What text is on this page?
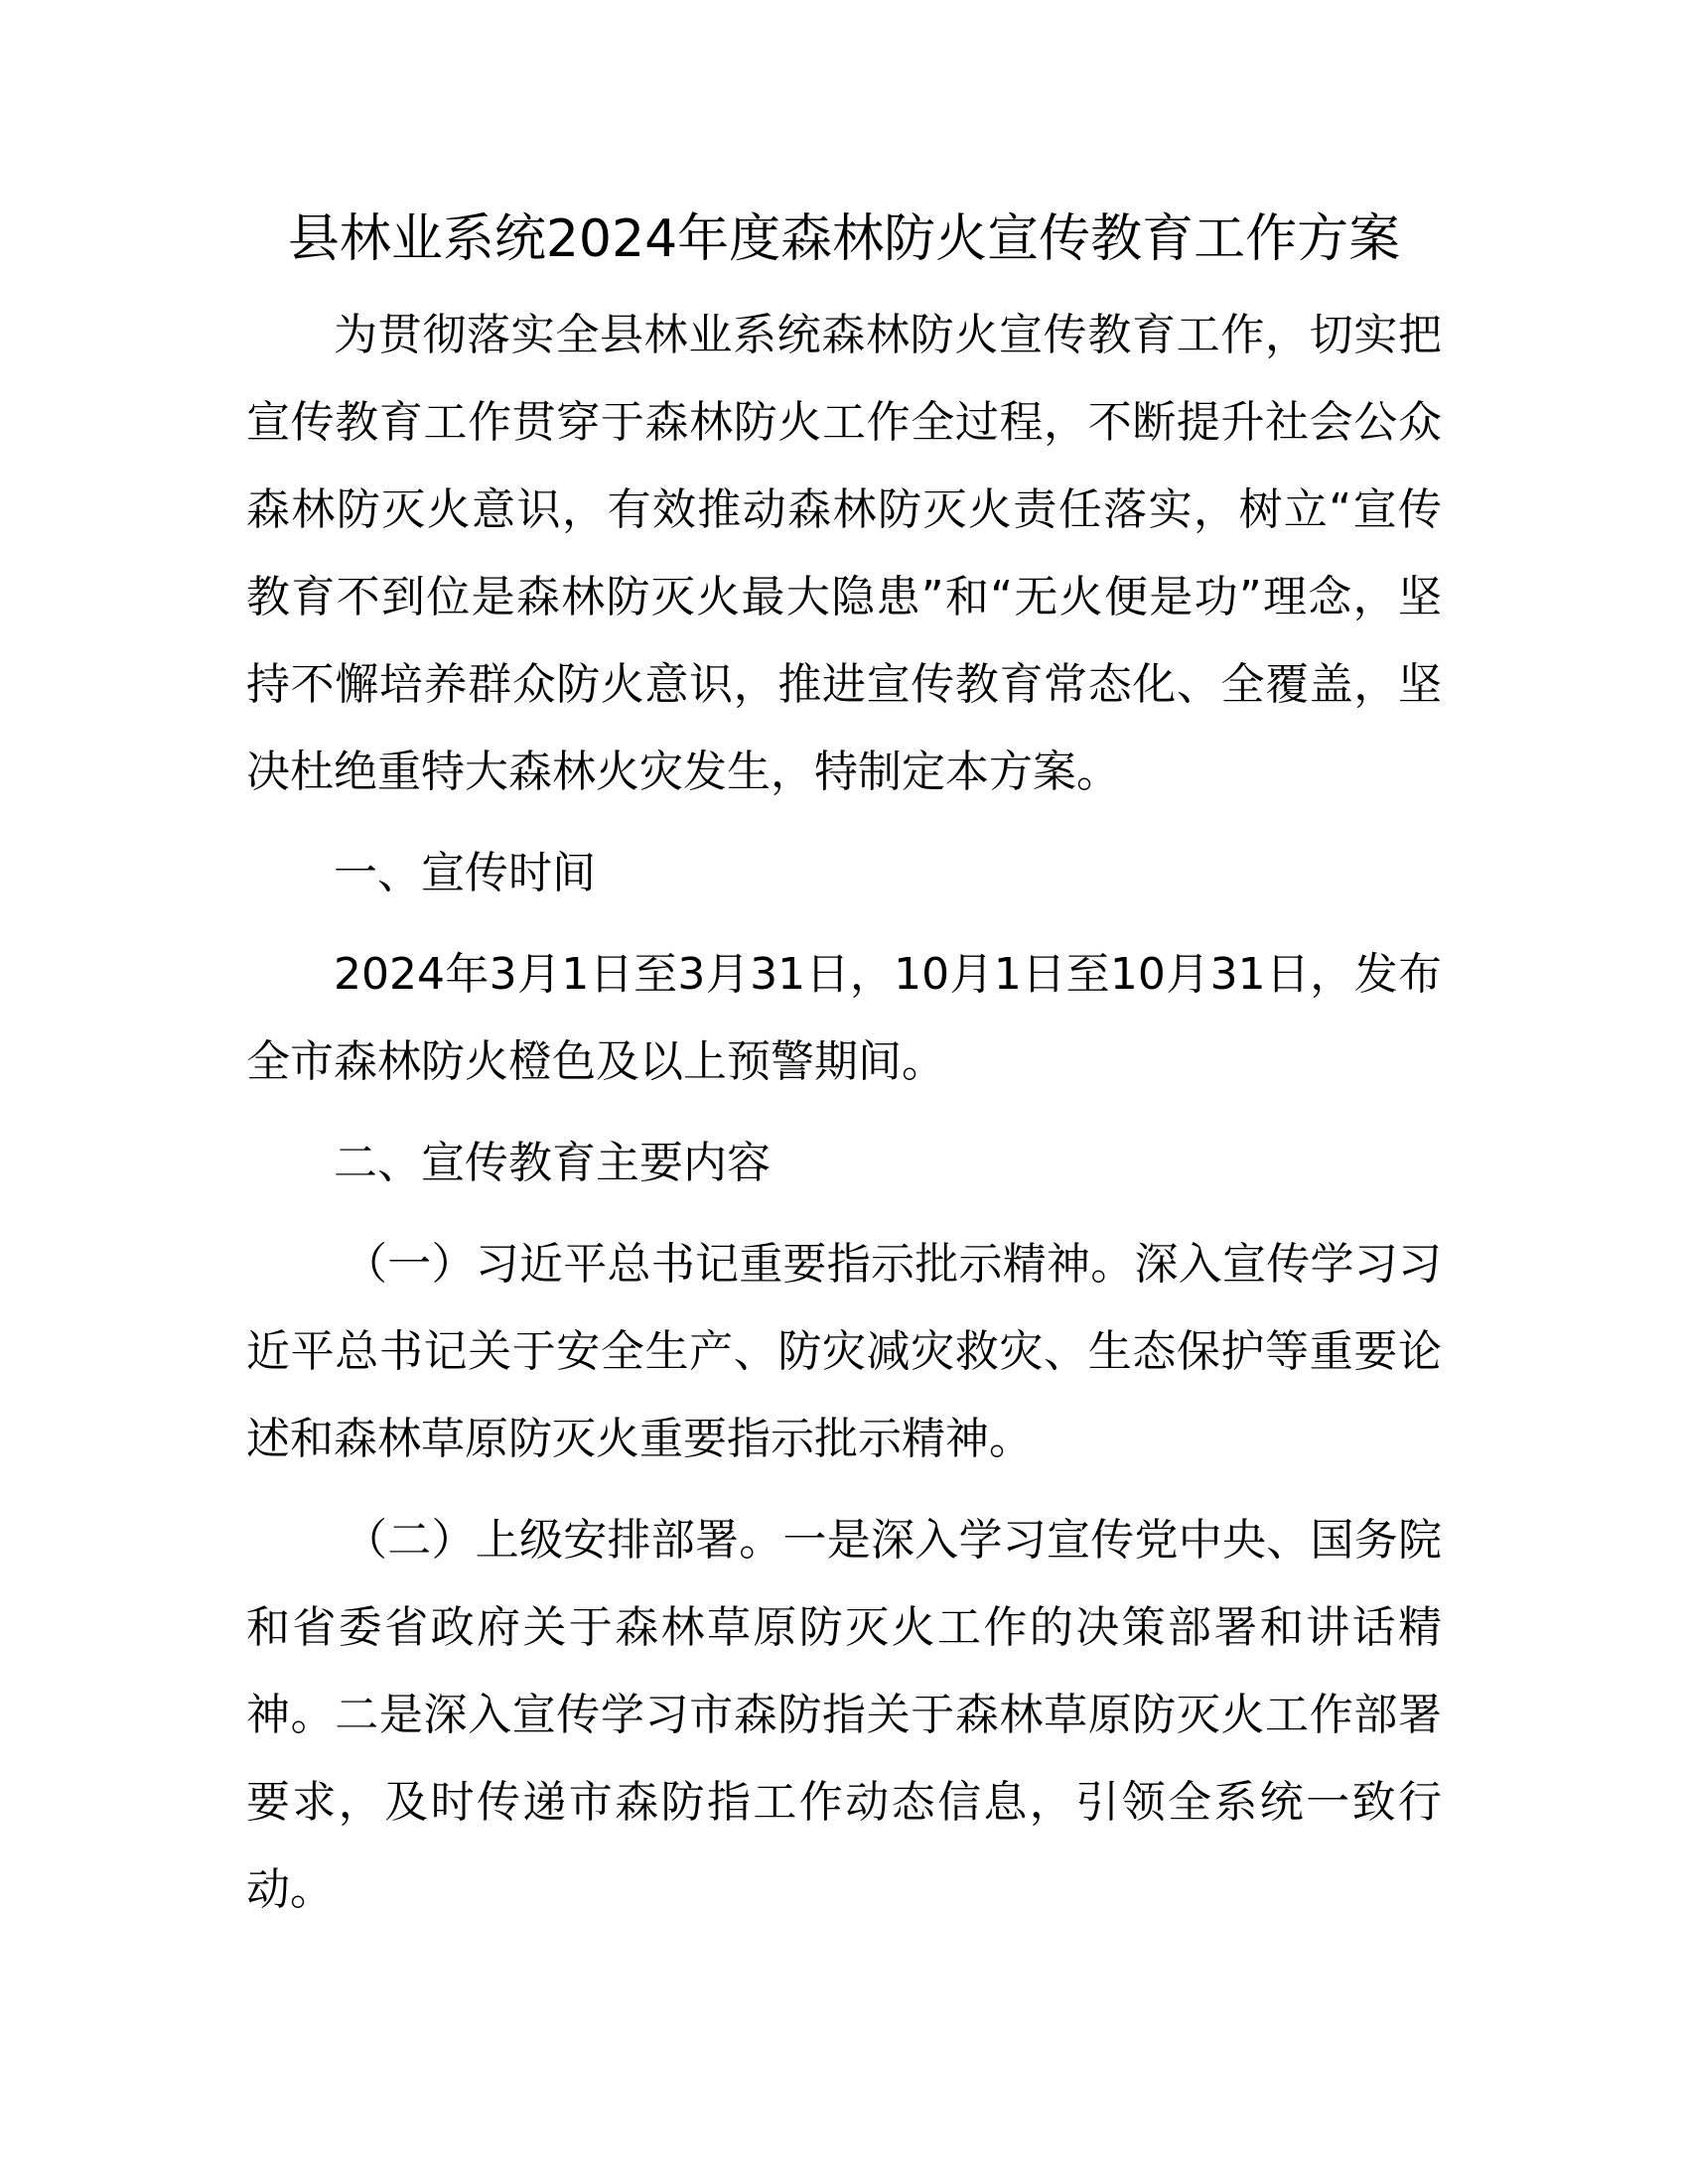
县林业系统2024年度森林防火宣传教育工作方案

为贯彻落实全县林业系统森林防火宣传教育工作，切实把宣传教育工作贯穿于森林防火工作全过程，不断提升社会公众森林防灭火意识，有效推动森林防灭火责任落实，树立“宣传教育不到位是森林防灭火最大隐患”和“无火便是功”理念，坚持不懈培养群众防火意识，推进宣传教育常态化、全覆盖，坚决杜绝重特大森林火灾发生，特制定本方案。

一、宣传时间

2024年3月1日至3月31日，10月1日至10月31日，发布全市森林防火橙色及以上预警期间。

二、宣传教育主要内容

（一）习近平总书记重要指示批示精神。深入宣传学习习近平总书记关于安全生产、防灾减灾救灾、生态保护等重要论述和森林草原防灭火重要指示批示精神。

（二）上级安排部署。一是深入学习宣传党中央、国务院和省委省政府关于森林草原防灭火工作的决策部署和讲话精神。二是深入宣传学习市森防指关于森林草原防灭火工作部署要求，及时传递市森防指工作动态信息，引领全系统一致行动。
